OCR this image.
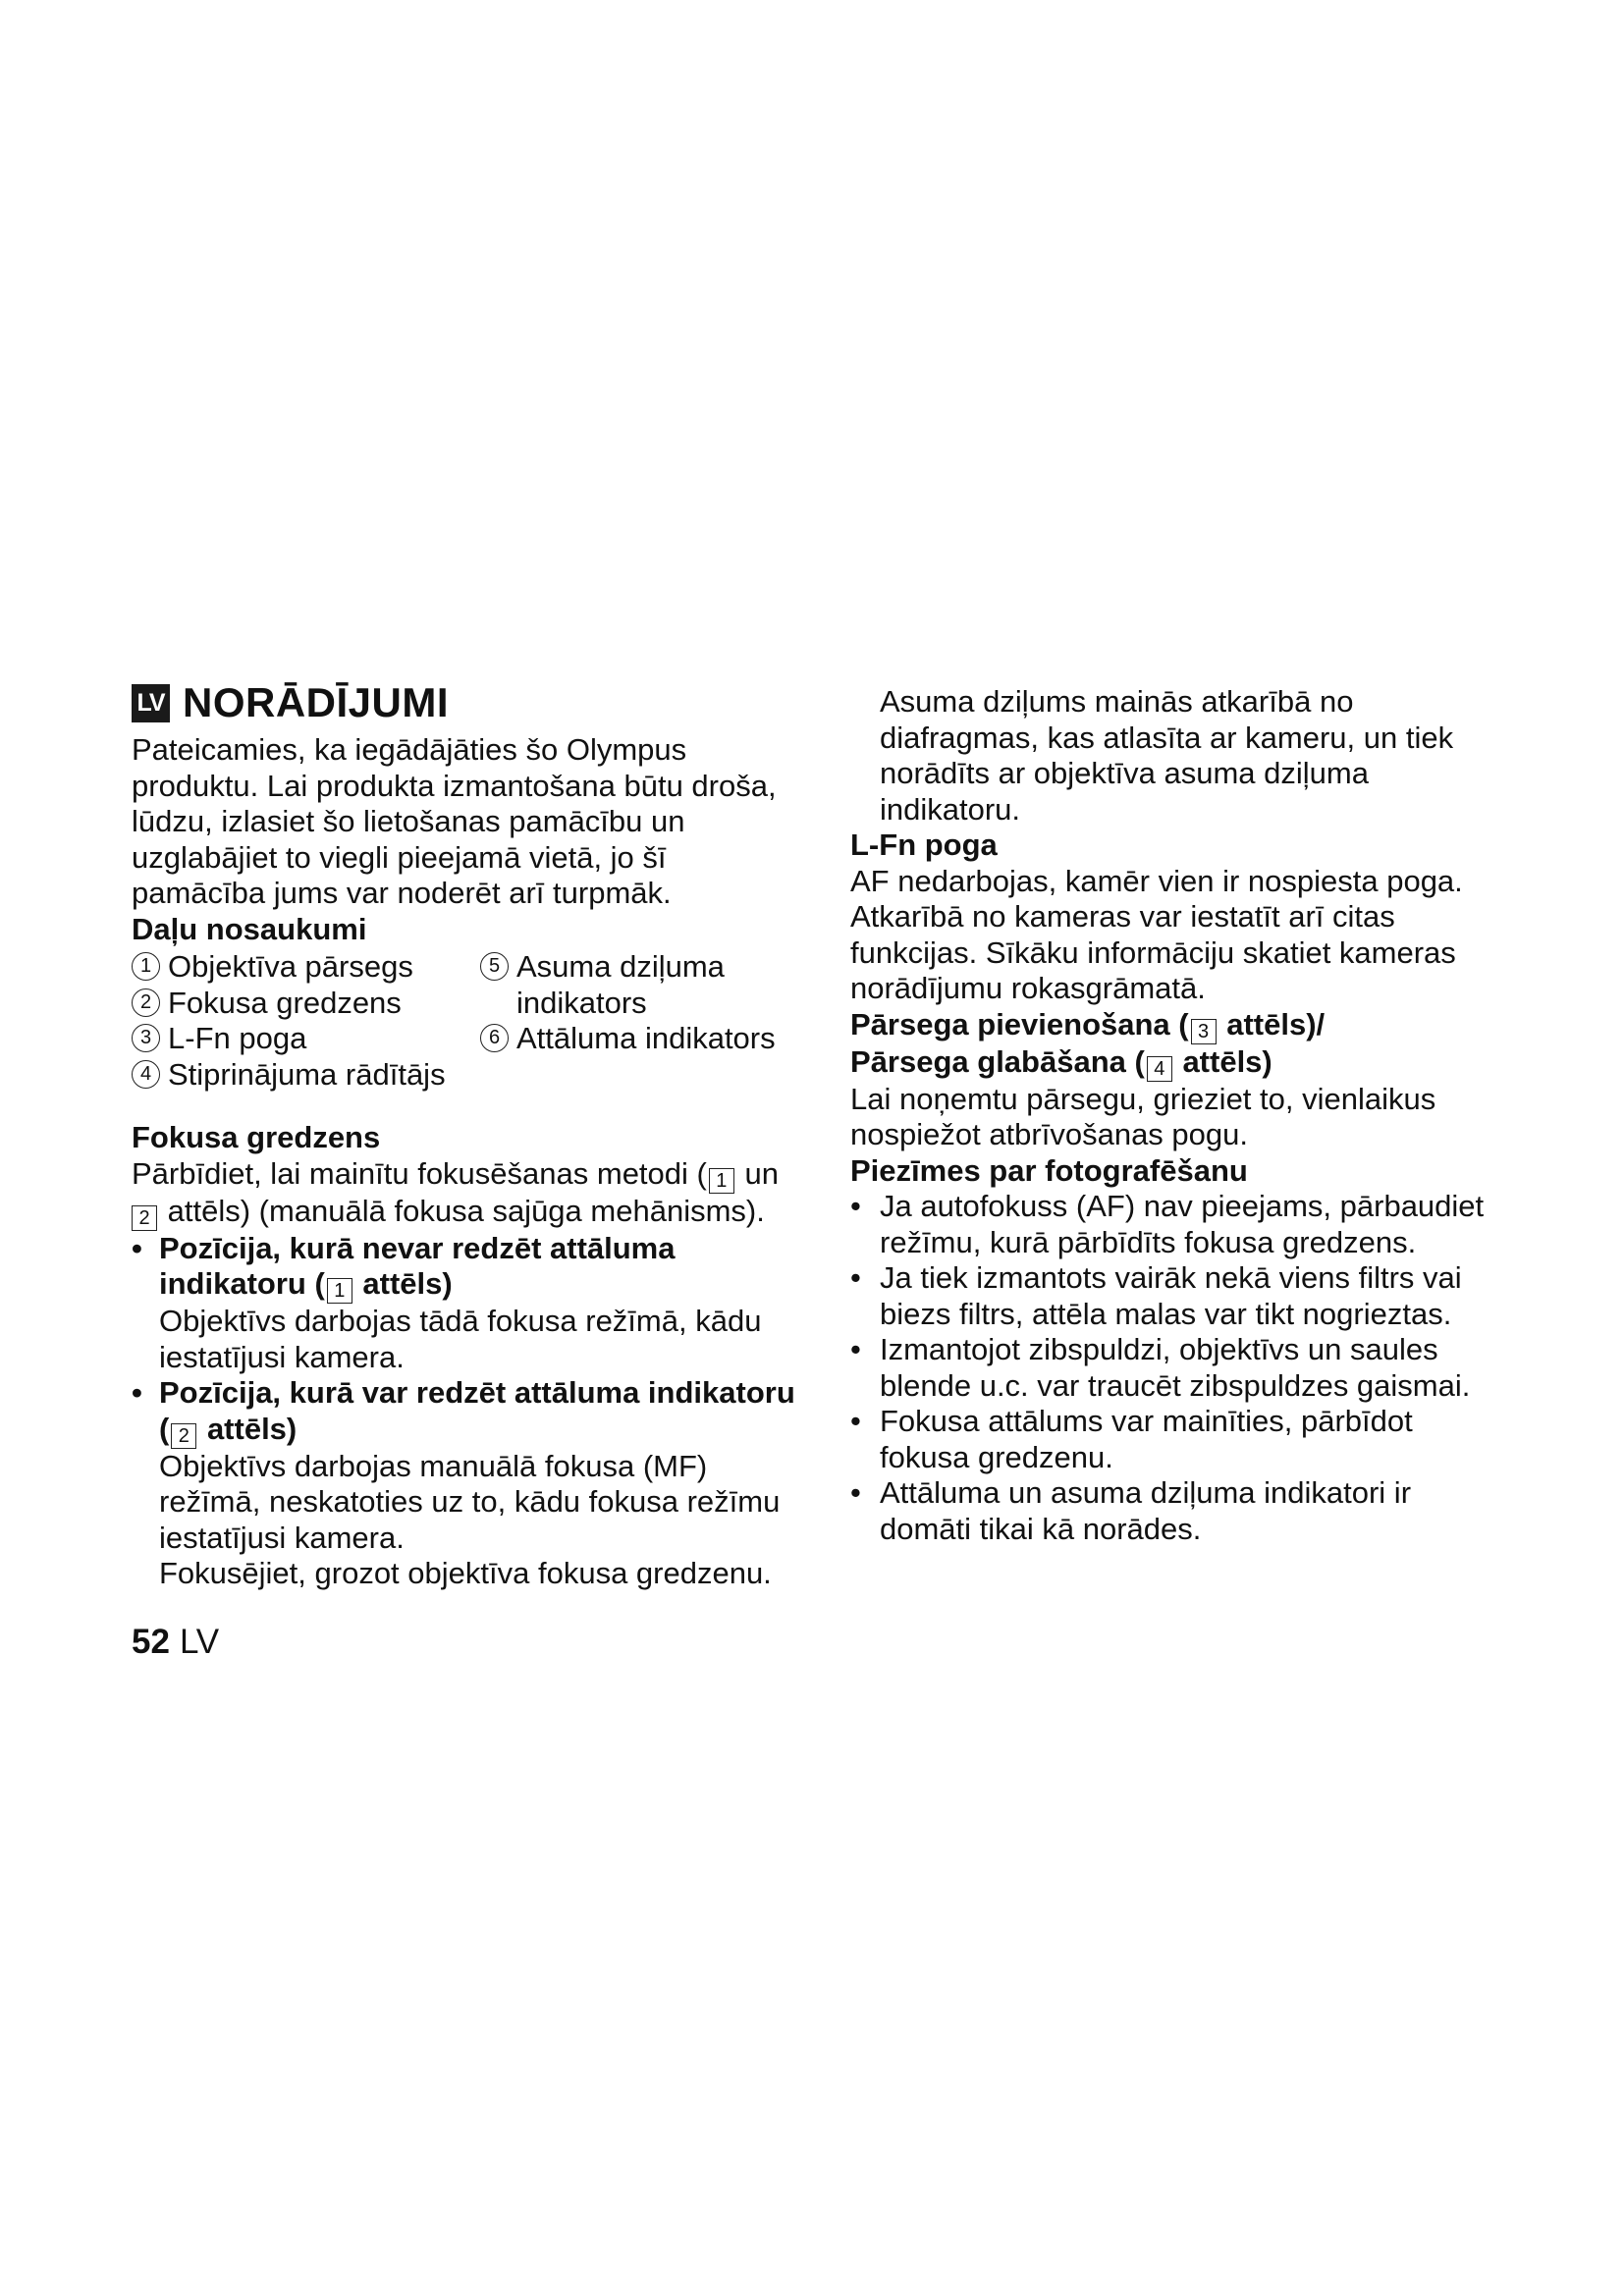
LV NORĀDĪJUMI

Pateicamies, ka iegādājāties šo Olympus produktu. Lai produkta izmantošana būtu droša, lūdzu, izlasiet šo lietošanas pamācību un uzglabājiet to viegli pieejamā vietā, jo šī pamācība jums var noderēt arī turpmāk.

Daļu nosaukumi

1 Objektīva pārsegs	5 Asuma dziļuma indikators
2 Fokusa gredzens
3 L-Fn poga	6 Attāluma indikators
4 Stiprinājuma rādītājs

Fokusa gredzens

Pārbīdiet, lai mainītu fokusēšanas metodi ( 1 un 2 attēls) (manuālā fokusa sajūga mehānisms).

• Pozīcija, kurā nevar redzēt attāluma indikatoru ( 1 attēls)

Objektīvs darbojas tādā fokusa režīmā, kādu iestatījusi kamera.

• Pozīcija, kurā var redzēt attāluma indikatoru ( 2 attēls)

Objektīvs darbojas manuālā fokusa (MF) režīmā, neskatoties uz to, kādu fokusa režīmu iestatījusi kamera.

Fokusējiet, grozot objektīva fokusa gredzenu.

Asuma dziļums mainās atkarībā no diafragmas, kas atlasīta ar kameru, un tiek norādīts ar objektīva asuma dziļuma indikatoru.

L-Fn poga

AF nedarbojas, kamēr vien ir nospiesta poga. Atkarībā no kameras var iestatīt arī citas funkcijas. Sīkāku informāciju skatiet kameras norādījumu rokasgrāmatā.

Pārsega pievienošana ( 3 attēls)/

Pārsega glabāšana ( 4 attēls)

Lai noņemtu pārsegu, grieziet to, vienlaikus nospiežot atbrīvošanas pogu.

Piezīmes par fotografēšanu

• Ja autofokuss (AF) nav pieejams, pārbaudiet režīmu, kurā pārbīdīts fokusa gredzens.

• Ja tiek izmantots vairāk nekā viens filtrs vai biezs filtrs, attēla malas var tikt nogrieztas.

• Izmantojot zibspuldzi, objektīvs un saules blende u.c. var traucēt zibspuldzes gaismai.

• Fokusa attālums var mainīties, pārbīdot fokusa gredzenu.

• Attāluma un asuma dziļuma indikatori ir domāti tikai kā norādes.

52 LV
